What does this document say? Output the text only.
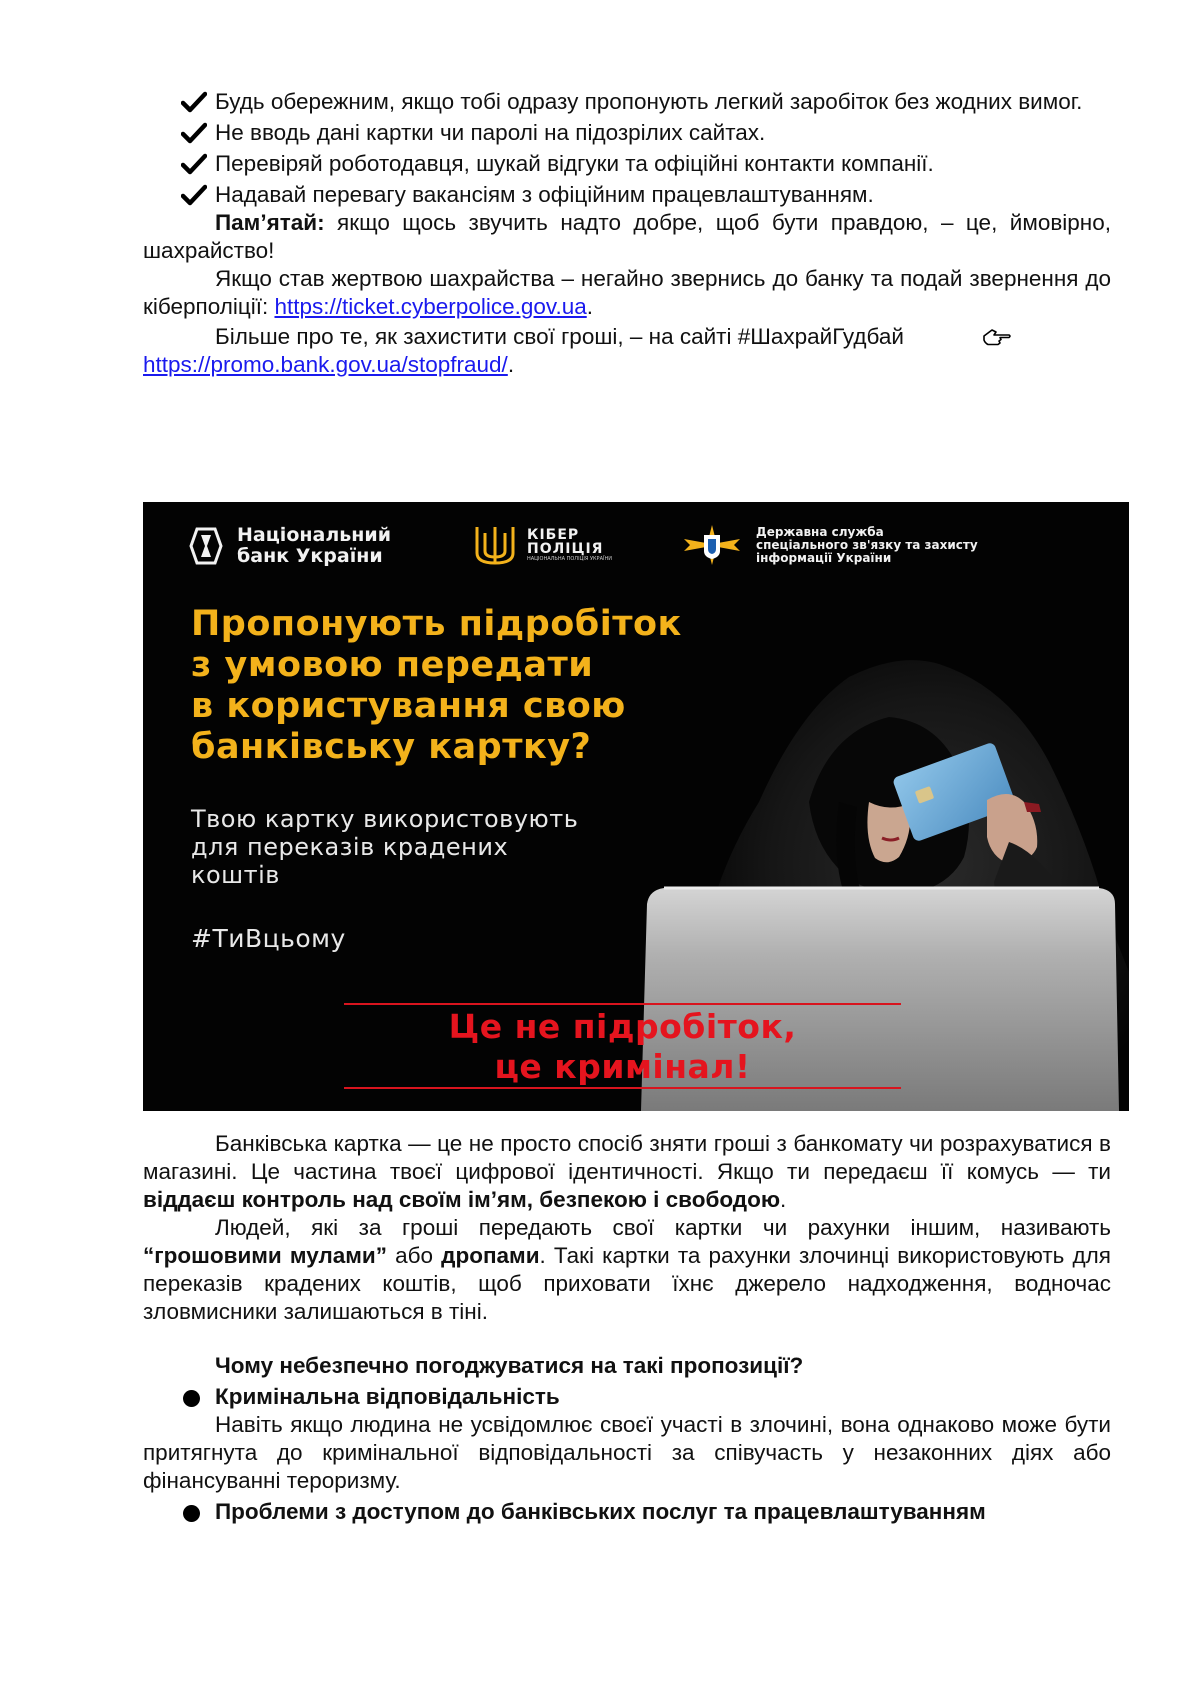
Будь обережним, якщо тобі одразу пропонують легкий заробіток без жодних вимог.

Не вводь дані картки чи паролі на підозрілих сайтах.

Перевіряй роботодавця, шукай відгуки та офіційні контакти компанії.

Надавай перевагу вакансіям з офіційним працевлаштуванням.

Пам’ятай: якщо щось звучить надто добре, щоб бути правдою, – це, ймовірно, шахрайство!

Якщо став жертвою шахрайства – негайно звернись до банку та подай звернення до кіберполіції: https://ticket.cyberpolice.gov.ua.

Більше про те, як захистити свої гроші, – на сайті #ШахрайГудбай
https://promo.bank.gov.ua/stopfraud/.

Національний
банк України
КІБЕР
ПОЛІЦІЯ
НАЦІОНАЛЬНА ПОЛІЦІЯ УКРАЇНИ
Державна служба
спеціального зв'язку та захисту
інформації України

Пропонують підробіток
з умовою передати
в користування свою
банківську картку?

Твою картку використовують
для переказів крадених
коштів

#ТиВцьому

Це не підробіток,
це кримінал!

Банківська картка — це не просто спосіб зняти гроші з банкомату чи розрахуватися в магазині. Це частина твоєї цифрової ідентичності. Якщо ти передаєш її комусь — ти віддаєш контроль над своїм ім’ям, безпекою і свободою.

Людей, які за гроші передають свої картки чи рахунки іншим, називають “грошовими мулами” або дропами. Такі картки та рахунки злочинці використовують для переказів крадених коштів, щоб приховати їхнє джерело надходження, водночас зловмисники залишаються в тіні.

Чому небезпечно погоджуватися на такі пропозиції?

Кримінальна відповідальність

Навіть якщо людина не усвідомлює своєї участі в злочині, вона однаково може бути притягнута до кримінальної відповідальності за співучасть у незаконних діях або фінансуванні тероризму.

Проблеми з доступом до банківських послуг та працевлаштуванням
